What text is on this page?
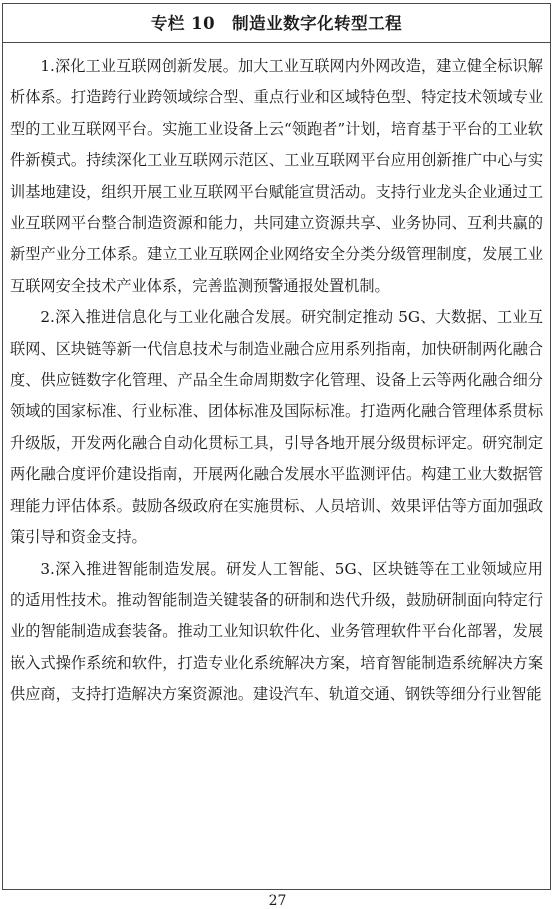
专栏 10　制造业数字化转型工程

1.深化工业互联网创新发展。加大工业互联网内外网改造，建立健全标识解析体系。打造跨行业跨领域综合型、重点行业和区域特色型、特定技术领域专业型的工业互联网平台。实施工业设备上云“领跑者”计划，培育基于平台的工业软件新模式。持续深化工业互联网示范区、工业互联网平台应用创新推广中心与实训基地建设，组织开展工业互联网平台赋能宣贯活动。支持行业龙头企业通过工业互联网平台整合制造资源和能力，共同建立资源共享、业务协同、互利共赢的新型产业分工体系。建立工业互联网企业网络安全分类分级管理制度，发展工业互联网安全技术产业体系，完善监测预警通报处置机制。

2.深入推进信息化与工业化融合发展。研究制定推动 5G、大数据、工业互联网、区块链等新一代信息技术与制造业融合应用系列指南，加快研制两化融合度、供应链数字化管理、产品全生命周期数字化管理、设备上云等两化融合细分领域的国家标准、行业标准、团体标准及国际标准。打造两化融合管理体系贯标升级版，开发两化融合自动化贯标工具，引导各地开展分级贯标评定。研究制定两化融合度评价建设指南，开展两化融合发展水平监测评估。构建工业大数据管理能力评估体系。鼓励各级政府在实施贯标、人员培训、效果评估等方面加强政策引导和资金支持。

3.深入推进智能制造发展。研发人工智能、5G、区块链等在工业领域应用的适用性技术。推动智能制造关键装备的研制和迭代升级，鼓励研制面向特定行业的智能制造成套装备。推动工业知识软件化、业务管理软件平台化部署，发展嵌入式操作系统和软件，打造专业化系统解决方案，培育智能制造系统解决方案供应商，支持打造解决方案资源池。建设汽车、轨道交通、钢铁等细分行业智能

27
